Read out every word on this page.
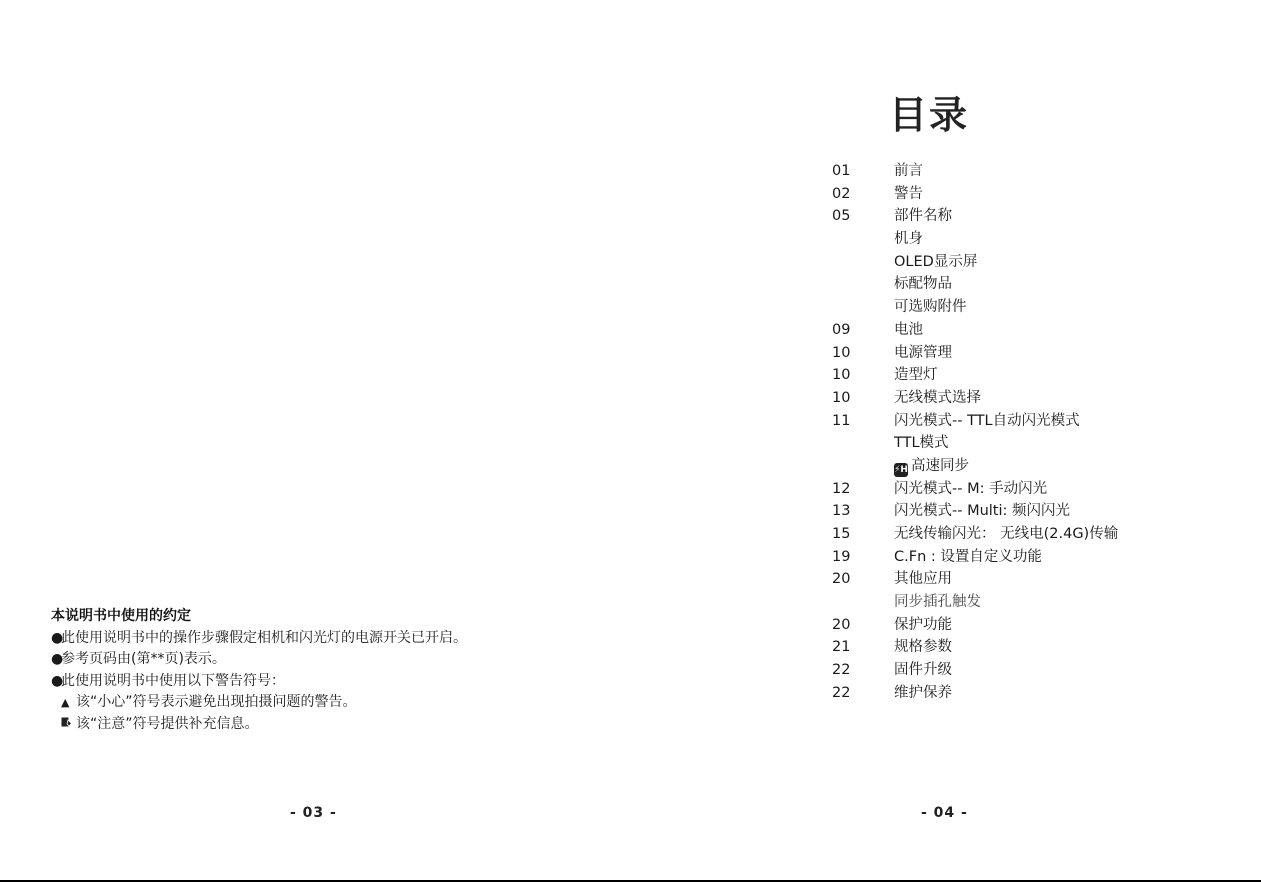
本说明书中使用的约定
●此使用说明书中的操作步骤假定相机和闪光灯的电源开关已开启。
●参考页码由(第**页)表示。
●此使用说明书中使用以下警告符号：
▲ 该“小心”符号表示避免出现拍摄问题的警告。
该“注意”符号提供补充信息。
- 03 -
目录
01	前言
02	警告
05	部件名称
机身
OLED显示屏
标配物品
可选购附件
09	电池
10	电源管理
10	造型灯
10	无线模式选择
11	闪光模式-- TTL自动闪光模式
TTL模式
⚡H 高速同步
12	闪光模式-- M: 手动闪光
13	闪光模式-- Multi: 频闪闪光
15	无线传输闪光： 无线电(2.4G)传输
19	C.Fn : 设置自定义功能
20	其他应用
同步插孔触发
20	保护功能
21	规格参数
22	固件升级
22	维护保养
- 04 -
